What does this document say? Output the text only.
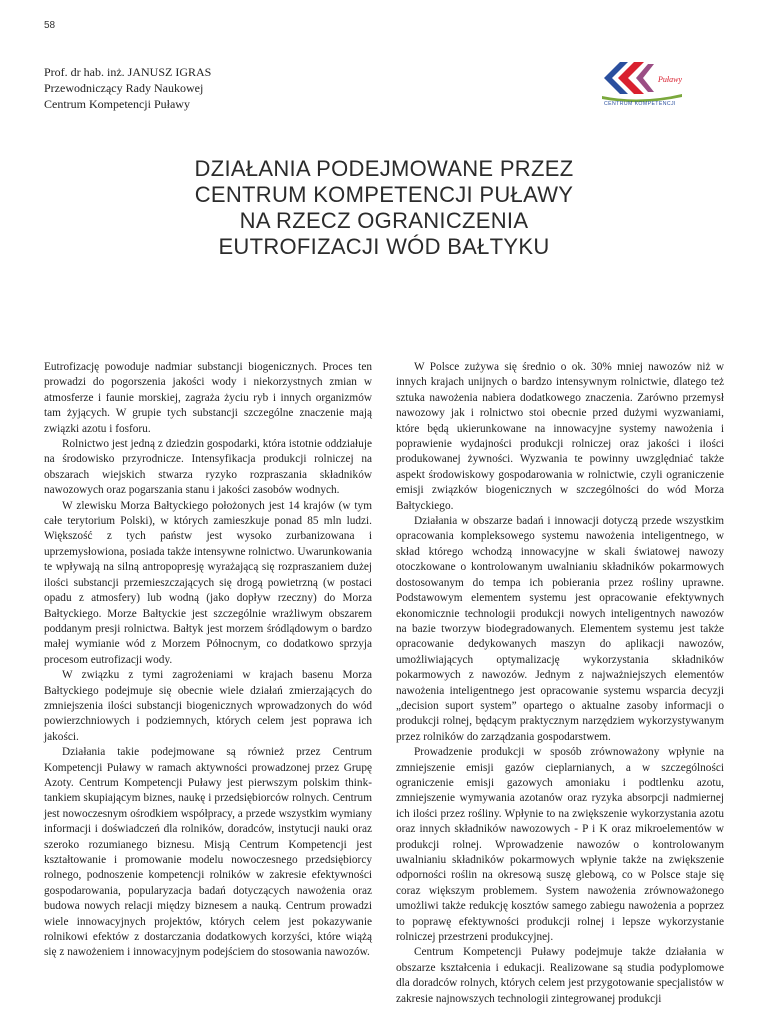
58
Prof. dr hab. inż. JANUSZ IGRAS
Przewodniczący Rady Naukowej
Centrum Kompetencji Puławy
Puławy
CENTRUM KOMPETENCJI
DZIAŁANIA PODEJMOWANE PRZEZ
CENTRUM KOMPETENCJI PUŁAWY
NA RZECZ OGRANICZENIA
EUTROFIZACJI WÓD BAŁTYKU

Eutrofizację powoduje nadmiar substancji biogenicznych. Proces ten prowadzi do pogorszenia jakości wody i niekorzystnych zmian w atmosferze i faunie morskiej, zagraża życiu ryb i innych organizmów tam żyjących. W grupie tych substancji szczególne znaczenie mają związki azotu i fosforu.

Rolnictwo jest jedną z dziedzin gospodarki, która istotnie oddziałuje na środowisko przyrodnicze. Intensyfikacja produkcji rolniczej na obszarach wiejskich stwarza ryzyko rozpraszania składników nawozowych oraz pogarszania stanu i jakości zasobów wodnych.

W zlewisku Morza Bałtyckiego położonych jest 14 krajów (w tym całe terytorium Polski), w których zamieszkuje ponad 85 mln ludzi. Większość z tych państw jest wysoko zurbanizowana i uprzemysłowiona, posiada także intensywne rolnictwo. Uwarunkowania te wpływają na silną antropopresję wyrażającą się rozpraszaniem dużej ilości substancji przemieszczających się drogą powietrzną (w postaci opadu z atmosfery) lub wodną (jako dopływ rzeczny) do Morza Bałtyckiego. Morze Bałtyckie jest szczególnie wrażliwym obszarem poddanym presji rolnictwa. Bałtyk jest morzem śródlądowym o bardzo małej wymianie wód z Morzem Północnym, co dodatkowo sprzyja procesom eutrofizacji wody.

W związku z tymi zagrożeniami w krajach basenu Morza Bałtyckiego podejmuje się obecnie wiele działań zmierzających do zmniejszenia ilości substancji biogenicznych wprowadzonych do wód powierzchniowych i podziemnych, których celem jest poprawa ich jakości.

Działania takie podejmowane są również przez Centrum Kompetencji Puławy w ramach aktywności prowadzonej przez Grupę Azoty. Centrum Kompetencji Puławy jest pierwszym polskim think-tankiem skupiającym biznes, naukę i przedsiębiorców rolnych. Centrum jest nowoczesnym ośrodkiem współpracy, a przede wszystkim wymiany informacji i doświadczeń dla rolników, doradców, instytucji nauki oraz szeroko rozumianego biznesu. Misją Centrum Kompetencji jest kształtowanie i promowanie modelu nowoczesnego przedsiębiorcy rolnego, podnoszenie kompetencji rolników w zakresie efektywności gospodarowania, popularyzacja badań dotyczących nawożenia oraz budowa nowych relacji między biznesem a nauką. Centrum prowadzi wiele innowacyjnych projektów, których celem jest pokazywanie rolnikowi efektów z dostarczania dodatkowych korzyści, które wiążą się z nawożeniem i innowacyjnym podejściem do stosowania nawozów.

W Polsce zużywa się średnio o ok. 30% mniej nawozów niż w innych krajach unijnych o bardzo intensywnym rolnictwie, dlatego też sztuka nawożenia nabiera dodatkowego znaczenia. Zarówno przemysł nawozowy jak i rolnictwo stoi obecnie przed dużymi wyzwaniami, które będą ukierunkowane na innowacyjne systemy nawożenia i poprawienie wydajności produkcji rolniczej oraz jakości i ilości produkowanej żywności. Wyzwania te powinny uwzględniać także aspekt środowiskowy gospodarowania w rolnictwie, czyli ograniczenie emisji związków biogenicznych w szczególności do wód Morza Bałtyckiego.

Działania w obszarze badań i innowacji dotyczą przede wszystkim opracowania kompleksowego systemu nawożenia inteligentnego, w skład którego wchodzą innowacyjne w skali światowej nawozy otoczkowane o kontrolowanym uwalnianiu składników pokarmowych dostosowanym do tempa ich pobierania przez rośliny uprawne. Podstawowym elementem systemu jest opracowanie efektywnych ekonomicznie technologii produkcji nowych inteligentnych nawozów na bazie tworzyw biodegradowanych. Elementem systemu jest także opracowanie dedykowanych maszyn do aplikacji nawozów, umożliwiających optymalizację wykorzystania składników pokarmowych z nawozów. Jednym z najważniejszych elementów nawożenia inteligentnego jest opracowanie systemu wsparcia decyzji „decision suport system” opartego o aktualne zasoby informacji o produkcji rolnej, będącym praktycznym narzędziem wykorzystywanym przez rolników do zarządzania gospodarstwem.

Prowadzenie produkcji w sposób zrównoważony wpłynie na zmniejszenie emisji gazów cieplarnianych, a w szczególności ograniczenie emisji gazowych amoniaku i podtlenku azotu, zmniejszenie wymywania azotanów oraz ryzyka absorpcji nadmiernej ich ilości przez rośliny. Wpłynie to na zwiększenie wykorzystania azotu oraz innych składników nawozowych - P i K oraz mikroelementów w produkcji rolnej. Wprowadzenie nawozów o kontrolowanym uwalnianiu składników pokarmowych wpłynie także na zwiększenie odporności roślin na okresową suszę glebową, co w Polsce staje się coraz większym problemem. System nawożenia zrównoważonego umożliwi także redukcję kosztów samego zabiegu nawożenia a poprzez to poprawę efektywności produkcji rolnej i lepsze wykorzystanie rolniczej przestrzeni produkcyjnej.

Centrum Kompetencji Puławy podejmuje także działania w obszarze kształcenia i edukacji. Realizowane są studia podyplomowe dla doradców rolnych, których celem jest przygotowanie specjalistów w zakresie najnowszych technologii zintegrowanej produkcji
